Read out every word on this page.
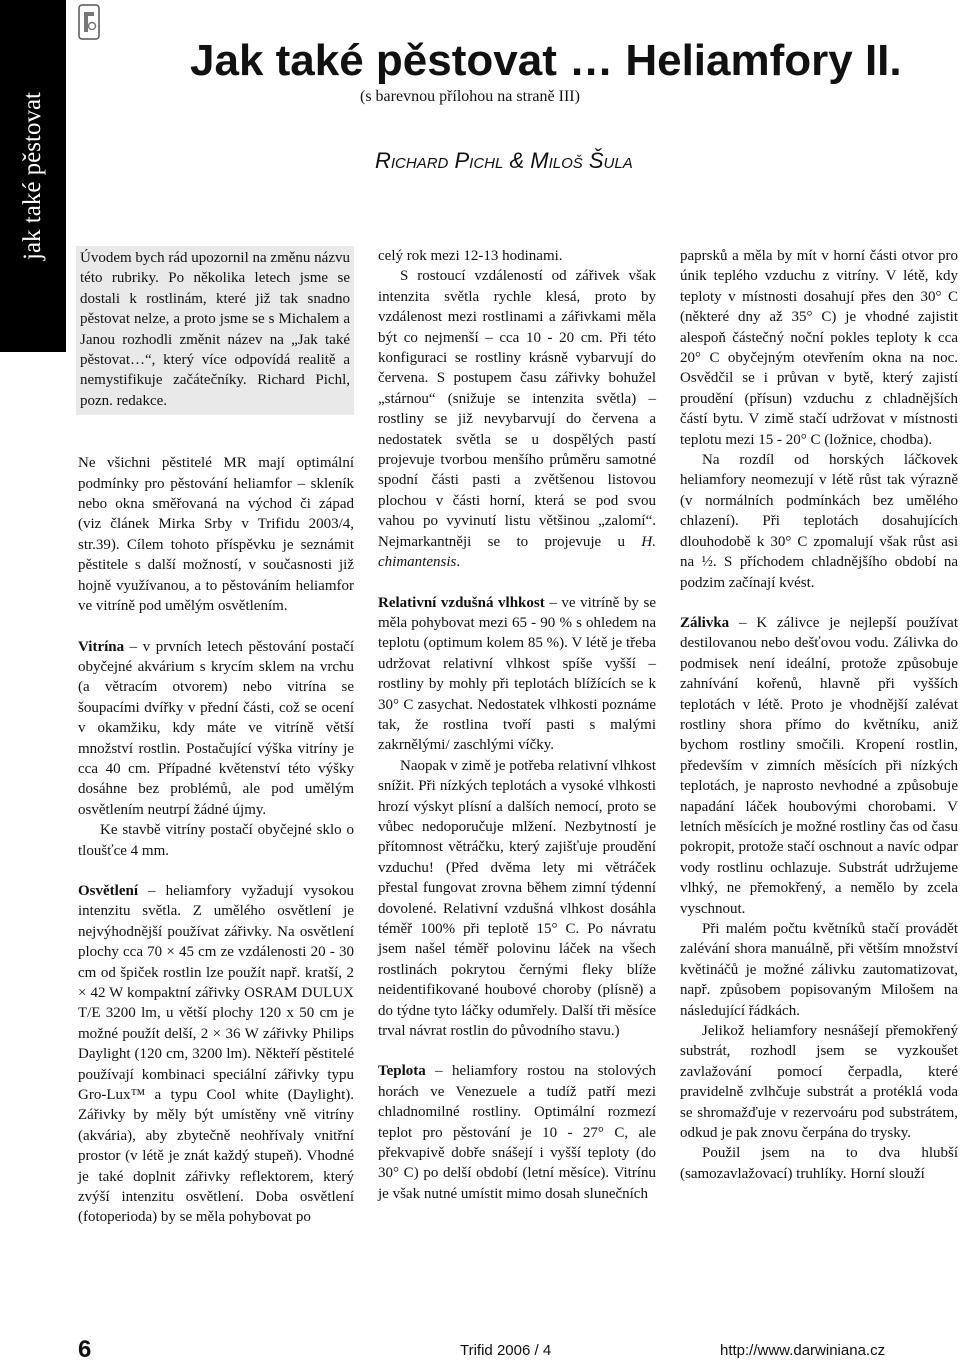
jak také pěstovat
Jak také pěstovat … Heliamfory II.
(s barevnou přílohou na straně III)
Richard Pichl & Miloš Šula

Úvodem bych rád upozornil na změnu názvu této rubriky. Po několika letech jsme se dostali k rostlinám, které již tak snadno pěstovat nelze, a proto jsme se s Michalem a Janou rozhodli změnit název na „Jak také pěstovat…“, který více odpovídá realitě a nemystifikuje začátečníky. Richard Pichl, pozn. redakce.

Ne všichni pěstitelé MR mají optimální podmínky pro pěstování heliamfor – skleník nebo okna směřovaná na východ či západ (viz článek Mirka Srby v Trifidu 2003/4, str.39). Cílem tohoto příspěvku je seznámit pěstitele s další možností, v současnosti již hojně využívanou, a to pěstováním heliamfor ve vitríně pod umělým osvětlením.

Vitrína – v prvních letech pěstování postačí obyčejné akvárium s krycím sklem na vrchu (a větracím otvorem) nebo vitrína se šoupacími dvířky v přední části, což se ocení v okamžiku, kdy máte ve vitríně větší množství rostlin. Postačující výška vitríny je cca 40 cm. Případné květenství této výšky dosáhne bez problémů, ale pod umělým osvětlením neutrpí žádné újmy.

Ke stavbě vitríny postačí obyčejné sklo o tloušťce 4 mm.

Osvětlení – heliamfory vyžadují vysokou intenzitu světla. Z umělého osvětlení je nejvýhodnější používat zářivky. Na osvětlení plochy cca 70 × 45 cm ze vzdálenosti 20 - 30 cm od špiček rostlin lze použít např. kratší, 2 × 42 W kompaktní zářivky OSRAM DULUX T/E 3200 lm, u větší plochy 120 x 50 cm je možné použít delší, 2 × 36 W zářivky Philips Daylight (120 cm, 3200 lm). Někteří pěstitelé používají kombinaci speciální zářivky typu Gro-Lux™ a typu Cool white (Daylight). Zářivky by měly být umístěny vně vitríny (akvária), aby zbytečně neohřívaly vnitřní prostor (v létě je znát každý stupeň). Vhodné je také doplnit zářivky reflektorem, který zvýší intenzitu osvětlení. Doba osvětlení (fotoperioda) by se měla pohybovat po

celý rok mezi 12-13 hodinami.

S rostoucí vzdáleností od zářivek však intenzita světla rychle klesá, proto by vzdálenost mezi rostlinami a zářivkami měla být co nejmenší – cca 10 - 20 cm. Při této konfiguraci se rostliny krásně vybarvují do červena. S postupem času zářivky bohužel „stárnou“ (snižuje se intenzita světla) – rostliny se již nevybarvují do červena a nedostatek světla se u dospělých pastí projevuje tvorbou menšího průměru samotné spodní části pasti a zvětšenou listovou plochou v části horní, která se pod svou vahou po vyvinutí listu většinou „zalomí“. Nejmarkantněji se to projevuje u H. chimantensis.

Relativní vzdušná vlhkost – ve vitríně by se měla pohybovat mezi 65 - 90 % s ohledem na teplotu (optimum kolem 85 %). V létě je třeba udržovat relativní vlhkost spíše vyšší – rostliny by mohly při teplotách blížících se k 30° C zasychat. Nedostatek vlhkosti poznáme tak, že rostlina tvoří pasti s malými zakrnělými/ zaschlými víčky.

Naopak v zimě je potřeba relativní vlhkost snížit. Při nízkých teplotách a vysoké vlhkosti hrozí výskyt plísní a dalších nemocí, proto se vůbec nedoporučuje mlžení. Nezbytností je přítomnost větráčku, který zajišťuje proudění vzduchu! (Před dvěma lety mi větráček přestal fungovat zrovna během zimní týdenní dovolené. Relativní vzdušná vlhkost dosáhla téměř 100% při teplotě 15° C. Po návratu jsem našel téměř polovinu láček na všech rostlinách pokrytou černými fleky blíže neidentifikované houbové choroby (plísně) a do týdne tyto láčky odumřely. Další tři měsíce trval návrat rostlin do původního stavu.)

Teplota – heliamfory rostou na stolových horách ve Venezuele a tudíž patří mezi chladnomilné rostliny. Optimální rozmezí teplot pro pěstování je 10 - 27° C, ale překvapivě dobře snášejí i vyšší teploty (do 30° C) po delší období (letní měsíce). Vitrínu je však nutné umístit mimo dosah slunečních

paprsků a měla by mít v horní části otvor pro únik teplého vzduchu z vitríny. V létě, kdy teploty v místnosti dosahují přes den 30° C (některé dny až 35° C) je vhodné zajistit alespoň částečný noční pokles teploty k cca 20° C obyčejným otevřením okna na noc. Osvědčil se i průvan v bytě, který zajistí proudění (přísun) vzduchu z chladnějších částí bytu. V zimě stačí udržovat v místnosti teplotu mezi 15 - 20° C (ložnice, chodba).

Na rozdíl od horských láčkovek heliamfory neomezují v létě růst tak výrazně (v normálních podmínkách bez umělého chlazení). Při teplotách dosahujících dlouhodobě k 30° C zpomalují však růst asi na ½. S příchodem chladnějšího období na podzim začínají kvést.

Zálivka – K zálivce je nejlepší používat destilovanou nebo dešťovou vodu. Zálivka do podmisek není ideální, protože způsobuje zahnívání kořenů, hlavně při vyšších teplotách v létě. Proto je vhodnější zalévat rostliny shora přímo do květníku, aniž bychom rostliny smočili. Kropení rostlin, především v zimních měsících při nízkých teplotách, je naprosto nevhodné a způsobuje napadání láček houbovými chorobami. V letních měsících je možné rostliny čas od času pokropit, protože stačí oschnout a navíc odpar vody rostlinu ochlazuje. Substrát udržujeme vlhký, ne přemokřený, a nemělo by zcela vyschnout.

Při malém počtu květníků stačí provádět zalévání shora manuálně, při větším množství květináčů je možné zálivku zautomatizovat, např. způsobem popisovaným Milošem na následující řádkách.

Jelikož heliamfory nesnášejí přemokřený substrát, rozhodl jsem se vyzkoušet zavlažování pomocí čerpadla, které pravidelně zvlhčuje substrát a protéklá voda se shromažďuje v rezervoáru pod substrátem, odkud je pak znovu čerpána do trysky.

Použil jsem na to dva hlubší (samozavlažovací) truhlíky. Horní slouží

6	Trifid 2006 / 4	http://www.darwiniana.cz
